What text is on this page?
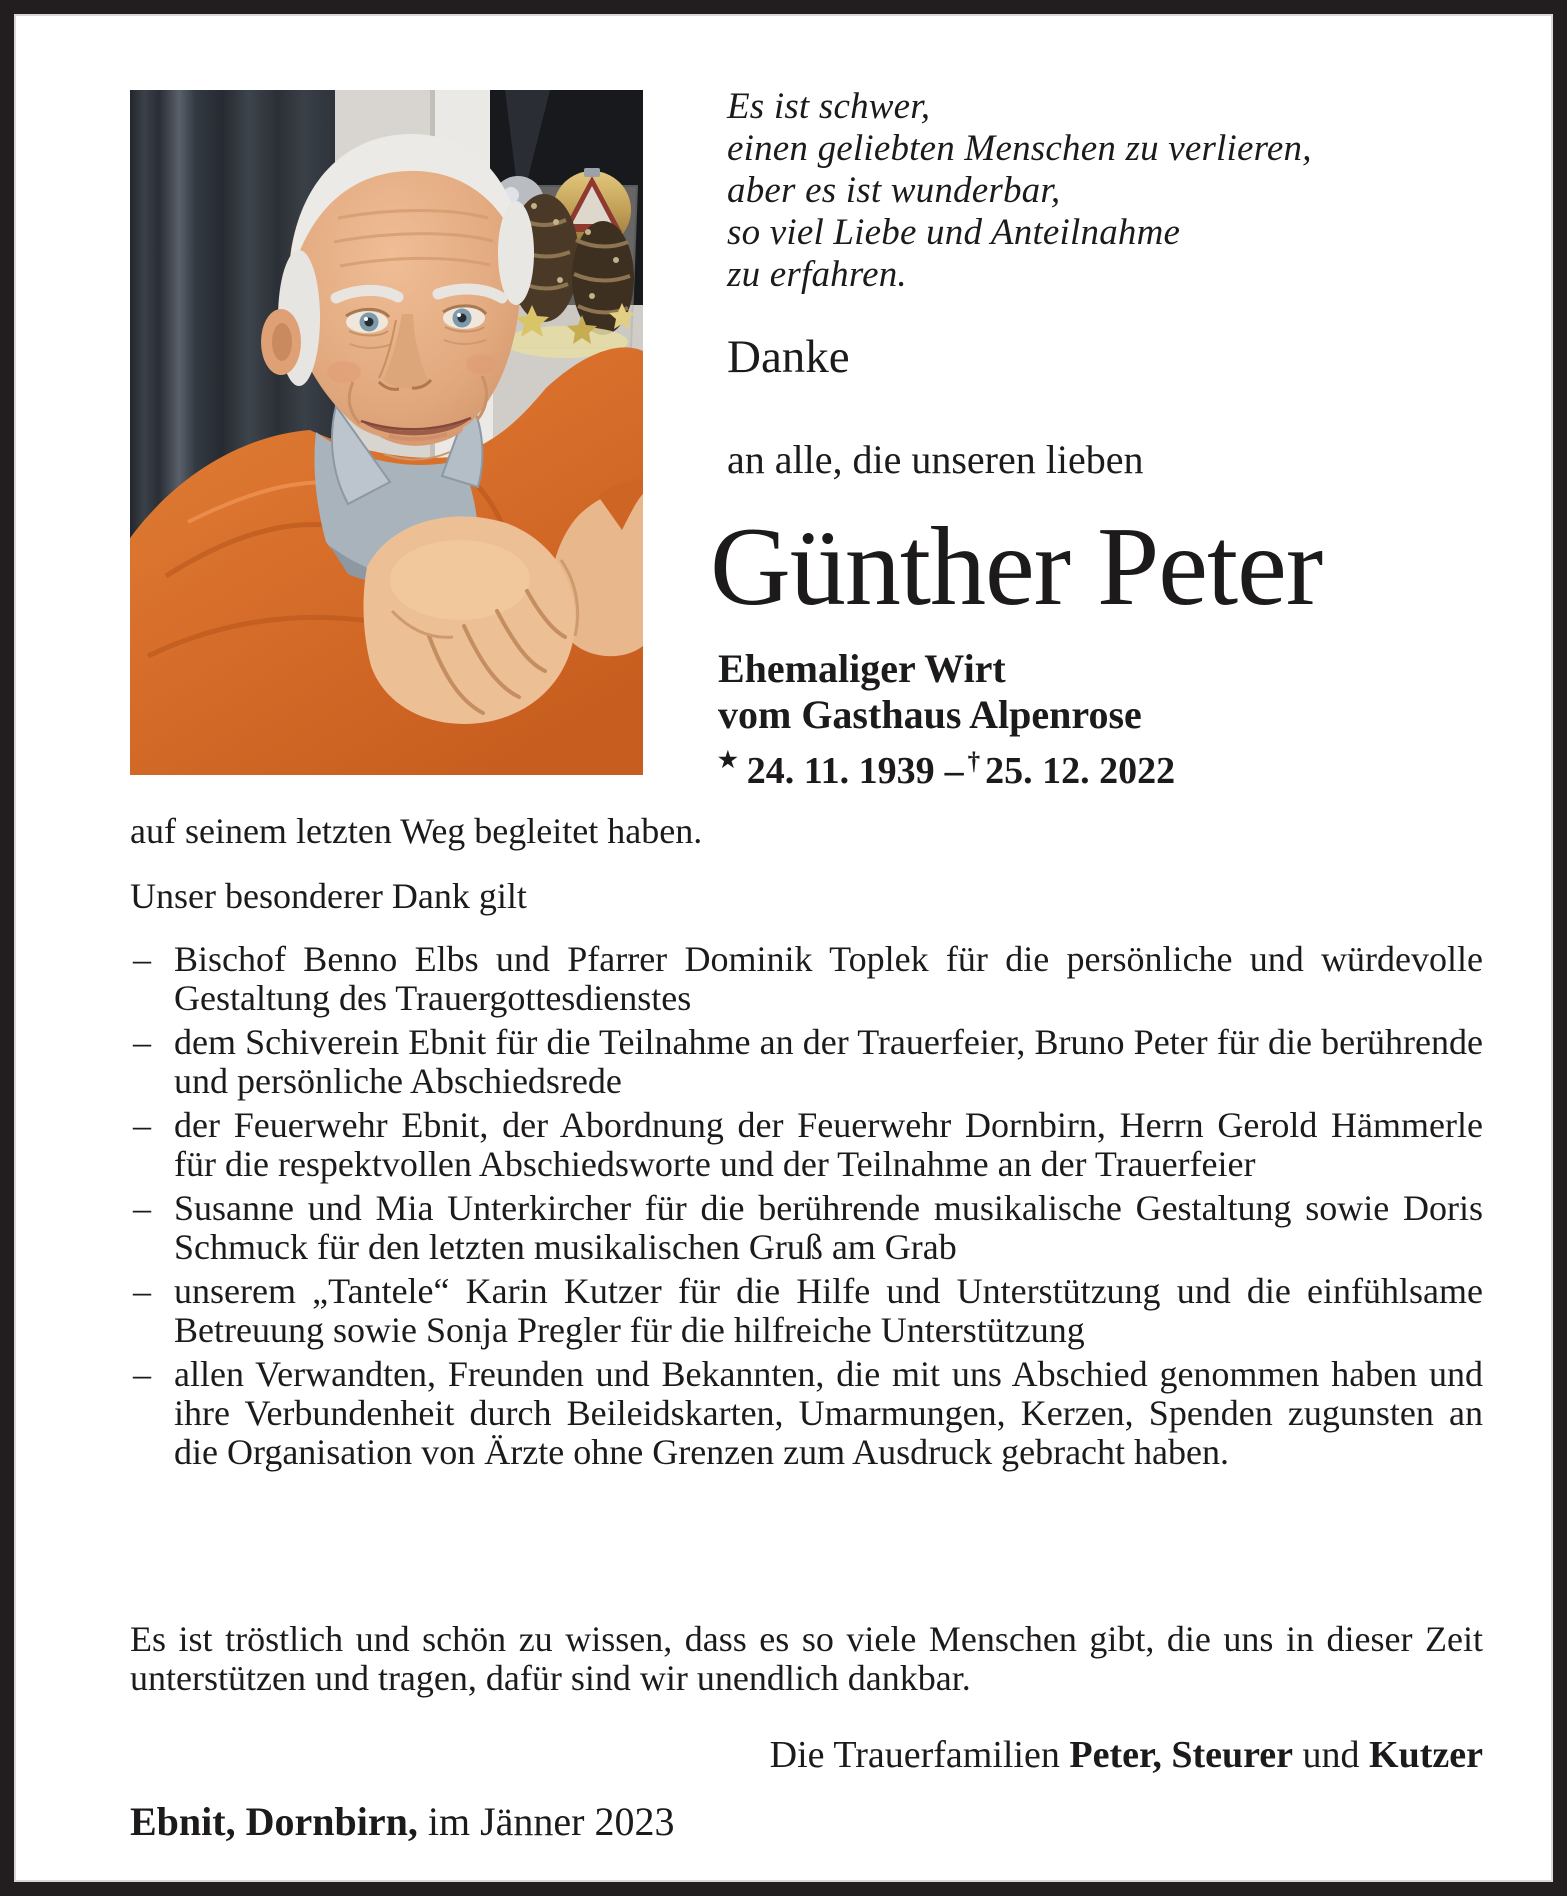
Es ist schwer,
einen geliebten Menschen zu verlieren,
aber es ist wunderbar,
so viel Liebe und Anteilnahme
zu erfahren.
Danke
an alle, die unseren lieben
Günther Peter
Ehemaliger Wirt
vom Gasthaus Alpenrose
★ 24. 11. 1939 – † 25. 12. 2022

auf seinem letzten Weg begleitet haben.

Unser besonderer Dank gilt

– Bischof Benno Elbs und Pfarrer Dominik Toplek für die persönliche und würdevolle Gestaltung des Trauergottesdienstes
– dem Schiverein Ebnit für die Teilnahme an der Trauerfeier, Bruno Peter für die berührende und persönliche Abschiedsrede
– der Feuerwehr Ebnit, der Abordnung der Feuerwehr Dornbirn, Herrn Gerold Hämmerle für die respektvollen Abschiedsworte und der Teilnahme an der Trauerfeier
– Susanne und Mia Unterkircher für die berührende musikalische Gestaltung sowie Doris Schmuck für den letzten musikalischen Gruß am Grab
– unserem „Tantele“ Karin Kutzer für die Hilfe und Unterstützung und die einfühlsame Betreuung sowie Sonja Pregler für die hilfreiche Unterstützung
– allen Verwandten, Freunden und Bekannten, die mit uns Abschied genommen haben und ihre Verbundenheit durch Beileidskarten, Umarmungen, Kerzen, Spenden zugunsten an die Organisation von Ärzte ohne Grenzen zum Ausdruck gebracht haben.

Es ist tröstlich und schön zu wissen, dass es so viele Menschen gibt, die uns in dieser Zeit unterstützen und tragen, dafür sind wir unendlich dankbar.

Die Trauerfamilien Peter, Steurer und Kutzer

Ebnit, Dornbirn, im Jänner 2023
